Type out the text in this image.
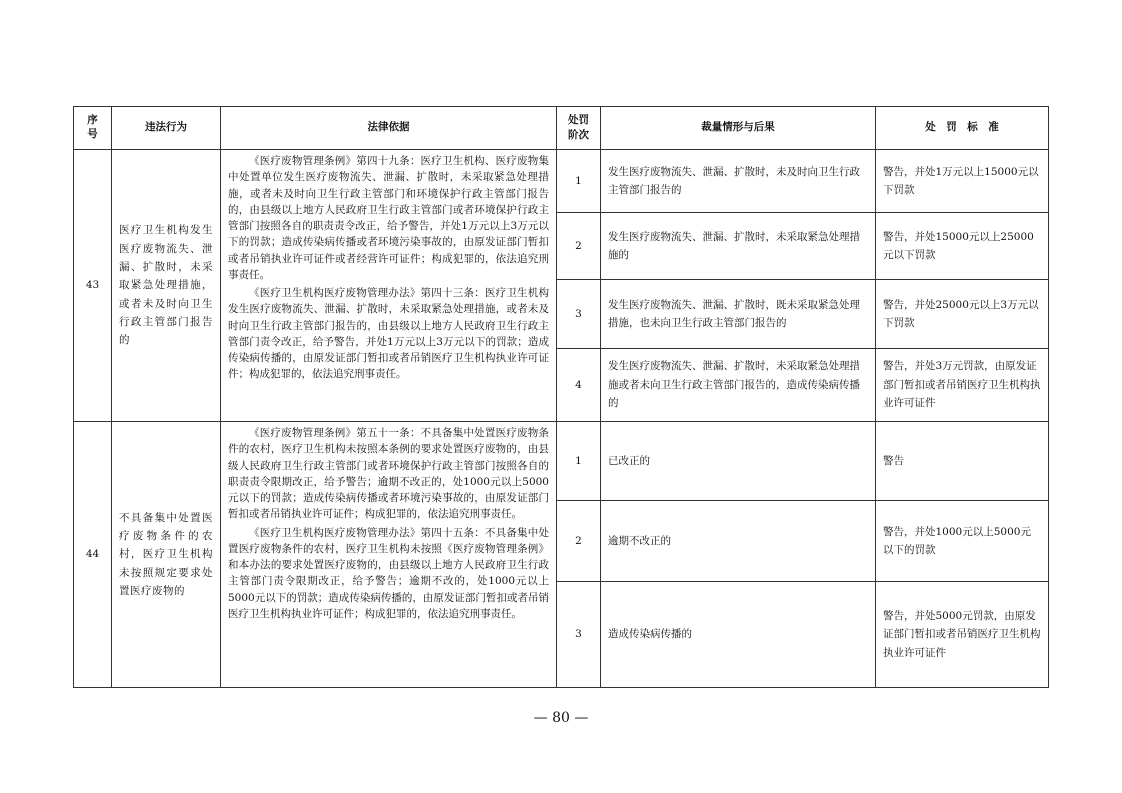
序号	违法行为	法律依据	处罚阶次	裁量情形与后果	处　罚　标　准
43	医疗卫生机构发生医疗废物流失、泄漏、扩散时，未采取紧急处理措施，或者未及时向卫生行政主管部门报告的	《医疗废物管理条例》第四十九条：医疗卫生机构、医疗废物集中处置单位发生医疗废物流失、泄漏、扩散时，未采取紧急处理措施，或者未及时向卫生行政主管部门和环境保护行政主管部门报告的，由县级以上地方人民政府卫生行政主管部门或者环境保护行政主管部门按照各自的职责责令改正，给予警告，并处1万元以上3万元以下的罚款；造成传染病传播或者环境污染事故的，由原发证部门暂扣或者吊销执业许可证件或者经营许可证件；构成犯罪的，依法追究刑事责任。

《医疗卫生机构医疗废物管理办法》第四十三条：医疗卫生机构发生医疗废物流失、泄漏、扩散时，未采取紧急处理措施，或者未及时向卫生行政主管部门报告的，由县级以上地方人民政府卫生行政主管部门责令改正，给予警告，并处1万元以上3万元以下的罚款；造成传染病传播的，由原发证部门暂扣或者吊销医疗卫生机构执业许可证件；构成犯罪的，依法追究刑事责任。	1	发生医疗废物流失、泄漏、扩散时，未及时向卫生行政主管部门报告的	警告，并处1万元以上15000元以下罚款
			2	发生医疗废物流失、泄漏、扩散时，未采取紧急处理措施的	警告，并处15000元以上25000元以下罚款
			3	发生医疗废物流失、泄漏、扩散时，既未采取紧急处理措施，也未向卫生行政主管部门报告的	警告，并处25000元以上3万元以下罚款
			4	发生医疗废物流失、泄漏、扩散时，未采取紧急处理措施或者未向卫生行政主管部门报告的，造成传染病传播的	警告，并处3万元罚款，由原发证部门暂扣或者吊销医疗卫生机构执业许可证件
44	不具备集中处置医疗废物条件的农村，医疗卫生机构未按照规定要求处置医疗废物的	《医疗废物管理条例》第五十一条：不具备集中处置医疗废物条件的农村，医疗卫生机构未按照本条例的要求处置医疗废物的，由县级人民政府卫生行政主管部门或者环境保护行政主管部门按照各自的职责责令限期改正，给予警告；逾期不改正的，处1000元以上5000元以下的罚款；造成传染病传播或者环境污染事故的，由原发证部门暂扣或者吊销执业许可证件；构成犯罪的，依法追究刑事责任。

《医疗卫生机构医疗废物管理办法》第四十五条：不具备集中处置医疗废物条件的农村，医疗卫生机构未按照《医疗废物管理条例》和本办法的要求处置医疗废物的，由县级以上地方人民政府卫生行政主管部门责令限期改正，给予警告；逾期不改的，处1000元以上5000元以下的罚款；造成传染病传播的，由原发证部门暂扣或者吊销医疗卫生机构执业许可证件；构成犯罪的，依法追究刑事责任。	1	已改正的	警告
			2	逾期不改正的	警告，并处1000元以上5000元以下的罚款
			3	造成传染病传播的	警告，并处5000元罚款，由原发证部门暂扣或者吊销医疗卫生机构执业许可证件
— 80 —
